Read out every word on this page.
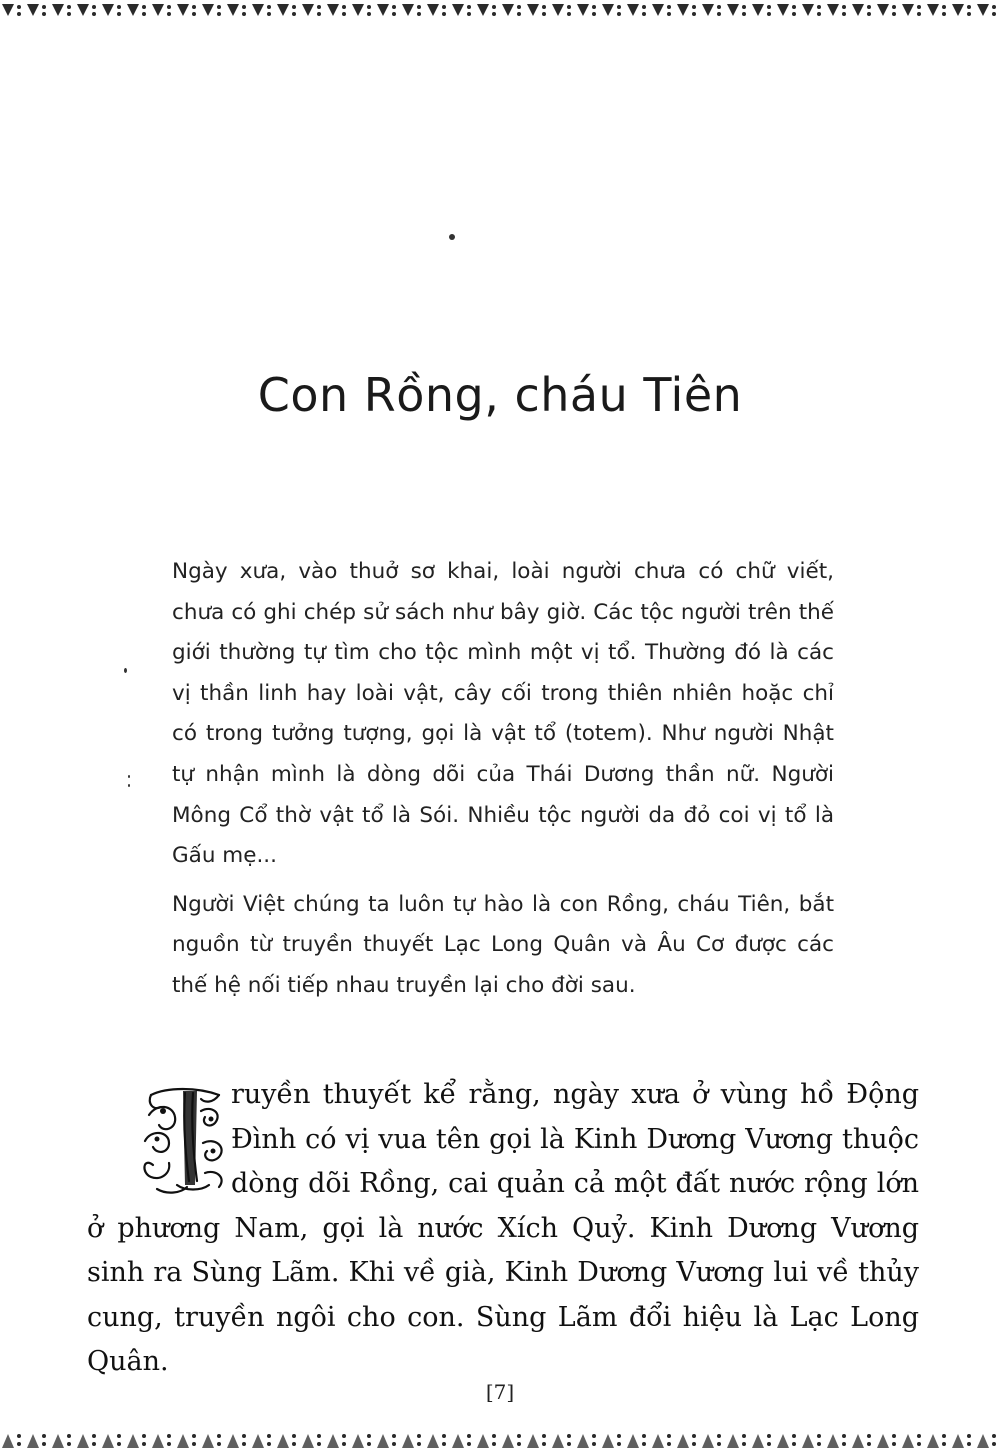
Con Rồng, cháu Tiên

Ngày xưa, vào thuở sơ khai, loài người chưa có chữ viết, chưa có ghi chép sử sách như bây giờ. Các tộc người trên thế giới thường tự tìm cho tộc mình một vị tổ. Thường đó là các vị thần linh hay loài vật, cây cối trong thiên nhiên hoặc chỉ có trong tưởng tượng, gọi là vật tổ (totem). Như người Nhật tự nhận mình là dòng dõi của Thái Dương thần nữ. Người Mông Cổ thờ vật tổ là Sói. Nhiều tộc người da đỏ coi vị tổ là Gấu mẹ...

Người Việt chúng ta luôn tự hào là con Rồng, cháu Tiên, bắt nguồn từ truyền thuyết Lạc Long Quân và Âu Cơ được các thế hệ nối tiếp nhau truyền lại cho đời sau.

ruyền thuyết kể rằng, ngày xưa ở vùng hồ Động Đình có vị vua tên gọi là Kinh Dương Vương thuộc dòng dõi Rồng, cai quản cả một đất nước rộng lớn ở phương Nam, gọi là nước Xích Quỷ. Kinh Dương Vương sinh ra Sùng Lãm. Khi về già, Kinh Dương Vương lui về thủy cung, truyền ngôi cho con. Sùng Lãm đổi hiệu là Lạc Long Quân.

[7]
